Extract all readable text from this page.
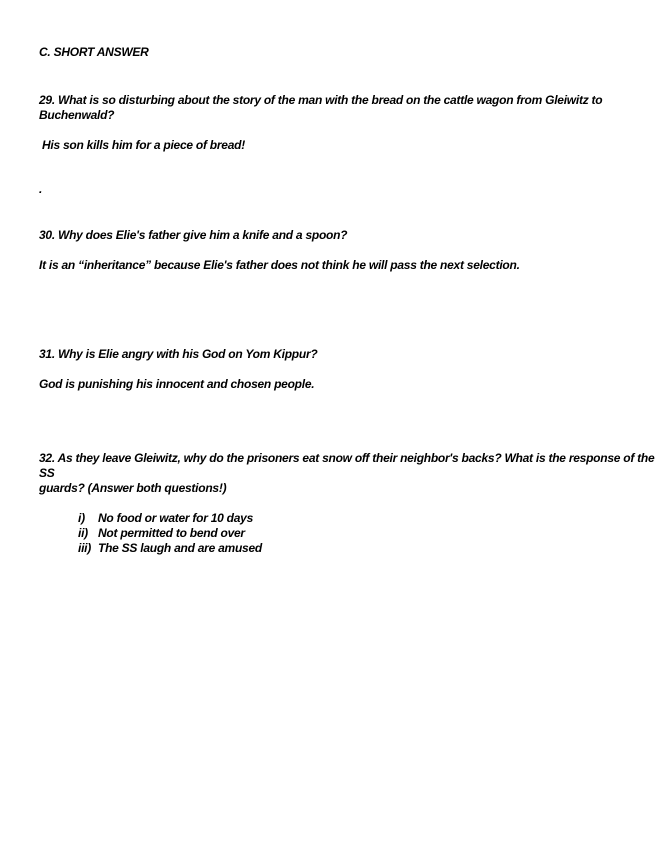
C. SHORT ANSWER
29. What is so disturbing about the story of the man with the bread on the cattle wagon from Gleiwitz to
Buchenwald?
His son kills him for a piece of bread!
.
30. Why does Elie's father give him a knife and a spoon?
It is an “inheritance” because Elie's father does not think he will pass the next selection.
31. Why is Elie angry with his God on Yom Kippur?
God is punishing his innocent and chosen people.
32. As they leave Gleiwitz, why do the prisoners eat snow off their neighbor's backs? What is the response of the
SS
guards? (Answer both questions!)
i) No food or water for 10 days
ii) Not permitted to bend over
iii) The SS laugh and are amused
